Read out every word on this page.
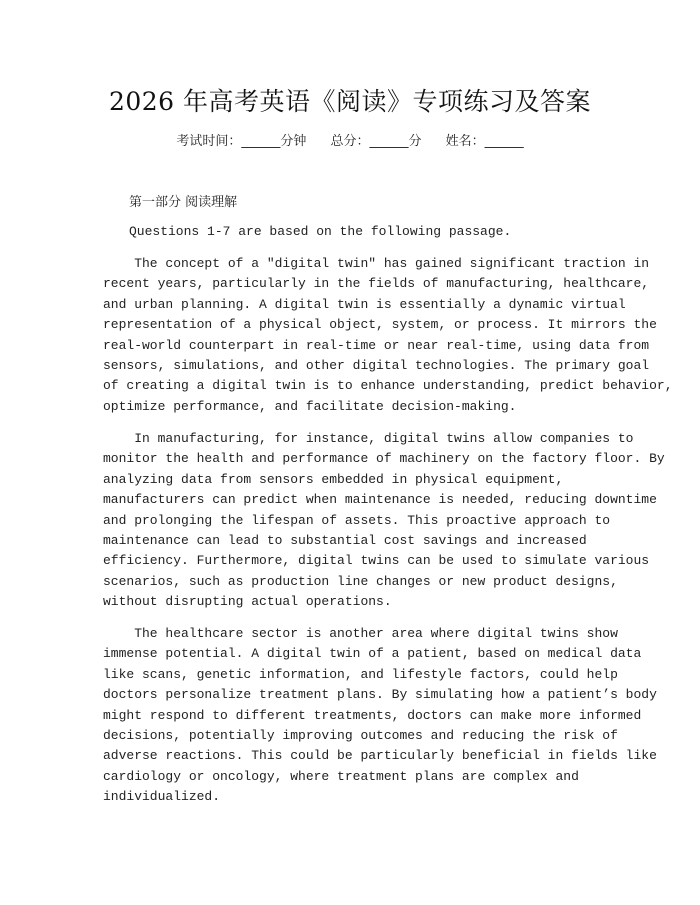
2026 年高考英语《阅读》专项练习及答案
考试时间：______分钟 总分：______分 姓名：______
第一部分 阅读理解
Questions 1-7 are based on the following passage.
The concept of a "digital twin" has gained significant traction in
recent years, particularly in the fields of manufacturing, healthcare,
and urban planning. A digital twin is essentially a dynamic virtual
representation of a physical object, system, or process. It mirrors the
real-world counterpart in real-time or near real-time, using data from
sensors, simulations, and other digital technologies. The primary goal
of creating a digital twin is to enhance understanding, predict behavior,
optimize performance, and facilitate decision-making.
In manufacturing, for instance, digital twins allow companies to
monitor the health and performance of machinery on the factory floor. By
analyzing data from sensors embedded in physical equipment,
manufacturers can predict when maintenance is needed, reducing downtime
and prolonging the lifespan of assets. This proactive approach to
maintenance can lead to substantial cost savings and increased
efficiency. Furthermore, digital twins can be used to simulate various
scenarios, such as production line changes or new product designs,
without disrupting actual operations.
The healthcare sector is another area where digital twins show
immense potential. A digital twin of a patient, based on medical data
like scans, genetic information, and lifestyle factors, could help
doctors personalize treatment plans. By simulating how a patient’s body
might respond to different treatments, doctors can make more informed
decisions, potentially improving outcomes and reducing the risk of
adverse reactions. This could be particularly beneficial in fields like
cardiology or oncology, where treatment plans are complex and
individualized.
